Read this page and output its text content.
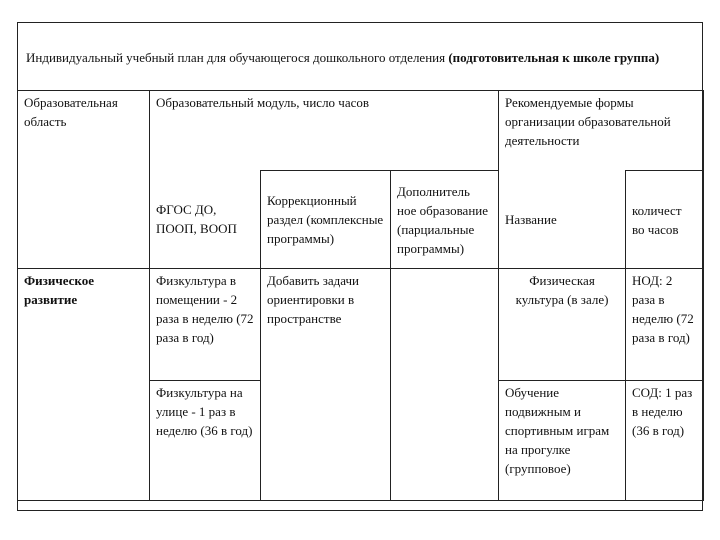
Индивидуальный учебный план для обучающегося дошкольного отделения (подготовительная к школе группа)
Образовательная область	Образовательный модуль, число часов			Рекомендуемые формы организации образовательной деятельности	
	ФГОС ДО, ПООП, ВООП	Коррекционный раздел (комплексные программы)	Дополнитель ное образование (парциальные программы)	Название	количест во часов
Физическое развитие	Физкультура в помещении - 2 раза в неделю (72 раза в год)	Добавить задачи ориентировки в пространстве		Физическая культура (в зале)	НОД: 2 раза в неделю (72 раза в год)
	Физкультура на улице - 1 раз в неделю (36 в год)			Обучение подвижным и спортивным играм на прогулке (групповое)	СОД: 1 раз в неделю (36 в год)
